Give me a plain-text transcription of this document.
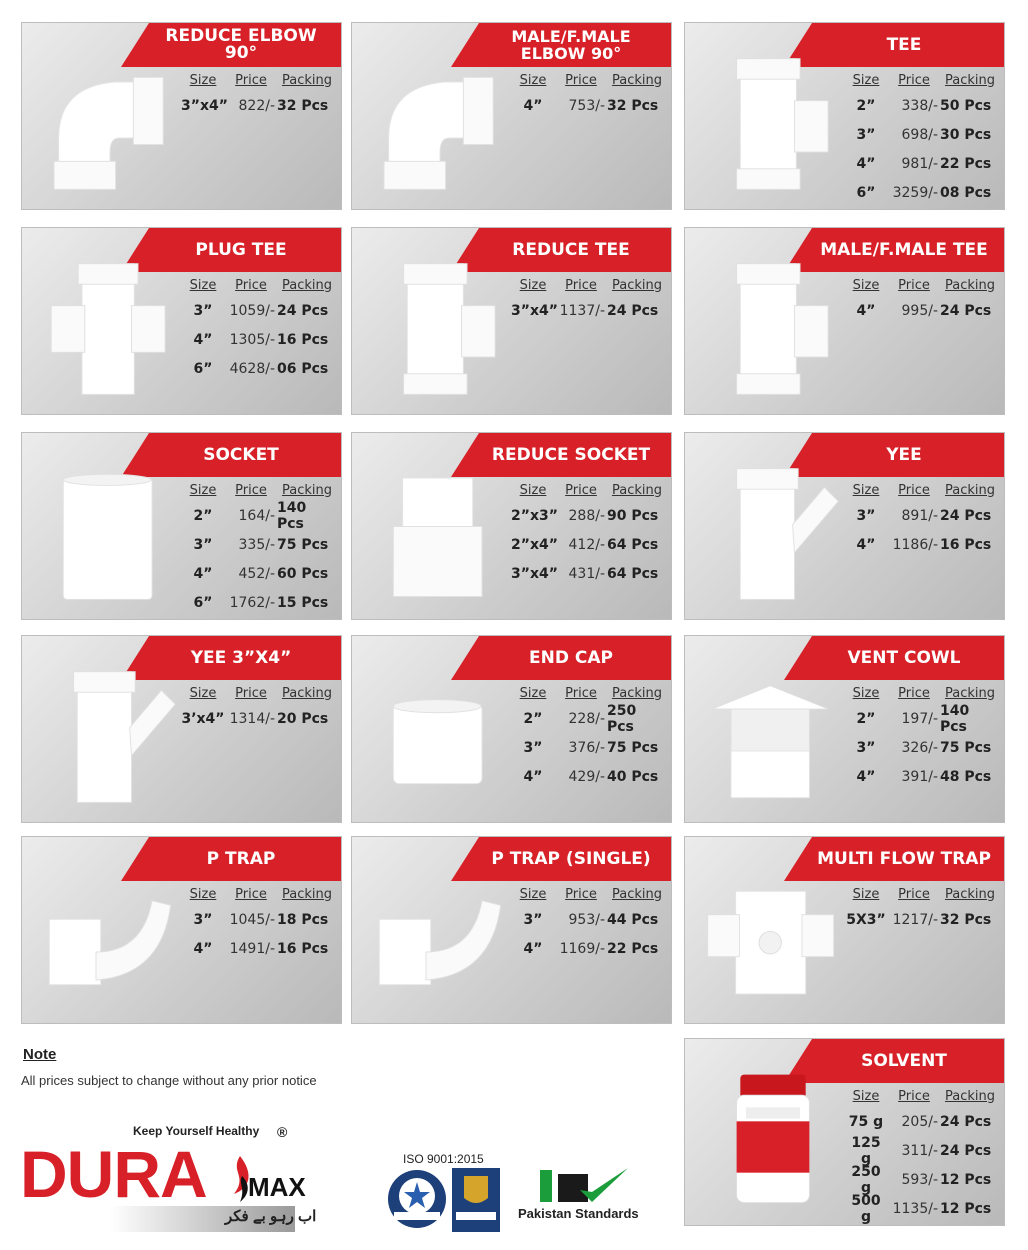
REDUCE ELBOW 90°
Size	Price	Packing
3”x4” 822/- 32 Pcs
MALE/F.MALE ELBOW 90°
Size	Price	Packing
4”	753/- 32 Pcs
TEE
Size	Price	Packing
2”	338/- 50 Pcs
3”	698/- 30 Pcs
4”	981/- 22 Pcs
6”	3259/- 08 Pcs
PLUG TEE
Size	Price	Packing
3”	1059/- 24 Pcs
4”	1305/- 16 Pcs
6”	4628/- 06 Pcs
REDUCE TEE
Size	Price	Packing
3”x4” 1137/- 24 Pcs
MALE/F.MALE TEE
Size	Price	Packing
4”	995/- 24 Pcs
SOCKET
Size	Price	Packing
2”	164/- 140 Pcs
3”	335/- 75 Pcs
4”	452/- 60 Pcs
6”	1762/- 15 Pcs
REDUCE SOCKET
Size	Price	Packing
2”x3” 288/- 90 Pcs
2”x4” 412/- 64 Pcs
3”x4” 431/- 64 Pcs
YEE
Size	Price	Packing
3”	891/- 24 Pcs
4”	1186/- 16 Pcs
YEE 3”X4”
Size	Price	Packing
3’x4” 1314/- 20 Pcs
END CAP
Size	Price	Packing
2”	228/- 250 Pcs
3”	376/- 75 Pcs
4”	429/- 40 Pcs
VENT COWL
Size	Price	Packing
2”	197/- 140 Pcs
3”	326/- 75 Pcs
4”	391/- 48 Pcs
P TRAP
Size	Price	Packing
3”	1045/- 18 Pcs
4”	1491/- 16 Pcs
P TRAP (SINGLE)
Size	Price	Packing
3”	953/- 44 Pcs
4”	1169/- 22 Pcs
MULTI FLOW TRAP
Size	Price	Packing
5X3” 1217/- 32 Pcs
SOLVENT
Size	Price	Packing
75 g	205/- 24 Pcs
125 g	311/- 24 Pcs
250 g	593/- 12 Pcs
500 g	1135/- 12 Pcs
Note
All prices subject to change without any prior notice
Keep Yourself Healthy ®
DURA MAX
اب رہو بے فکر
ISO 9001:2015
Pakistan Standards
